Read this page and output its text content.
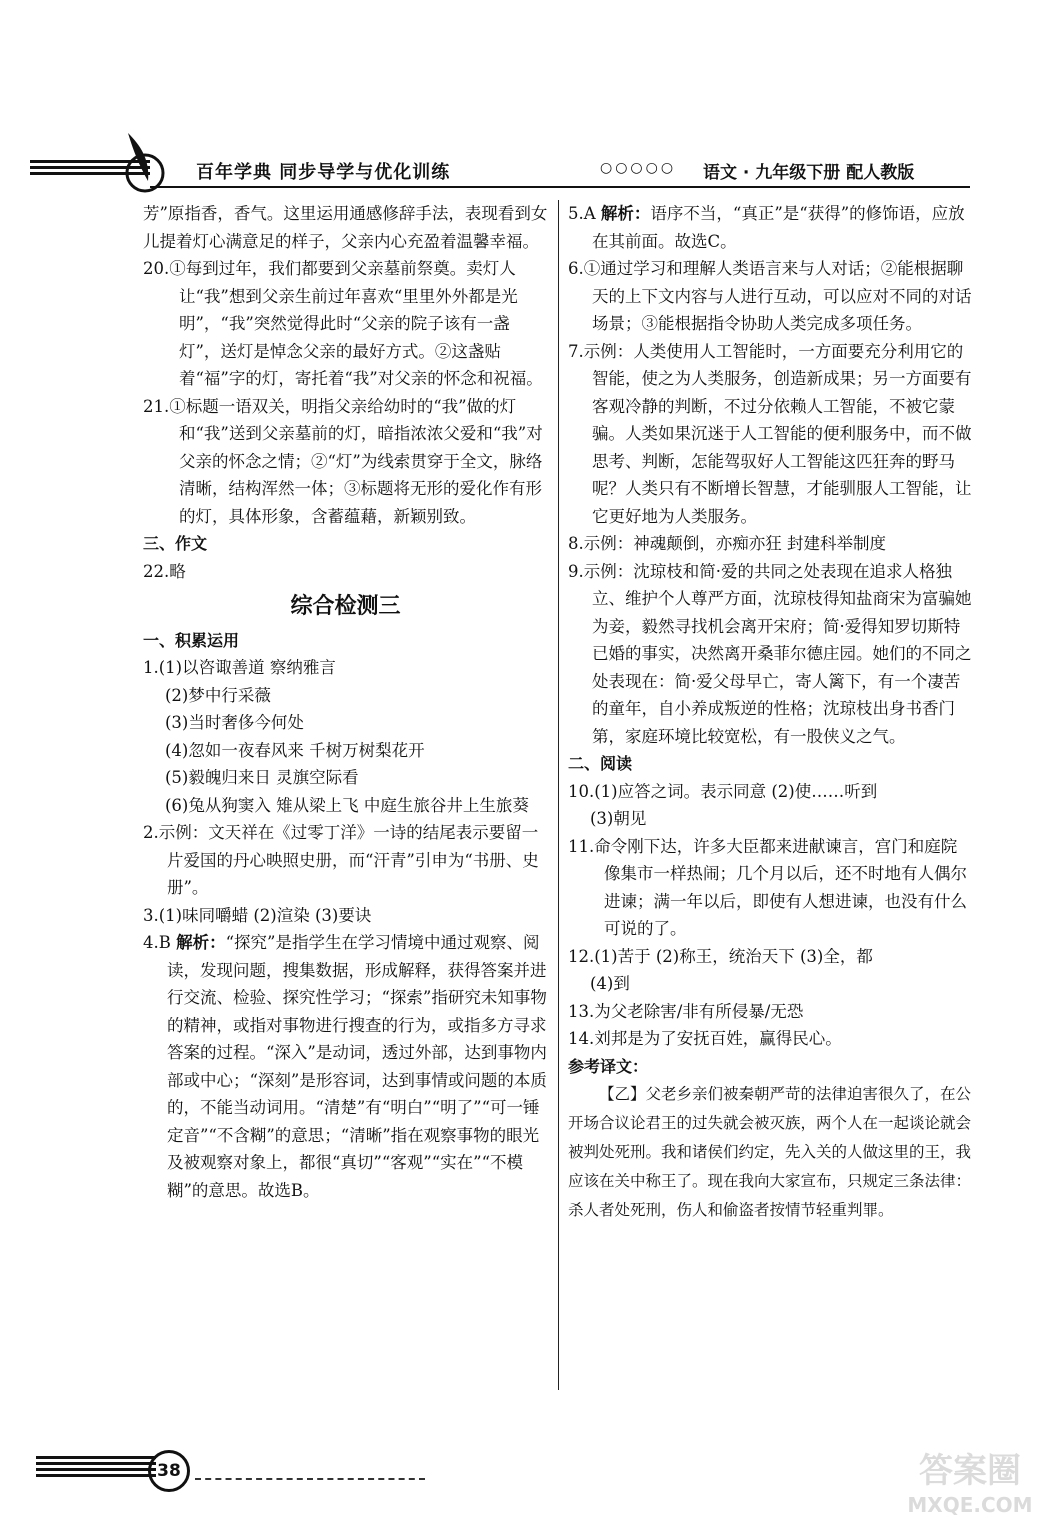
百年学典 同步导学与优化训练	○○○○○ 语文 · 九年级下册 配人教版

芳”原指香，香气。这里运用通感修辞手法，表现看到女儿提着灯心满意足的样子，父亲内心充盈着温馨幸福。

20.①每到过年，我们都要到父亲墓前祭奠。卖灯人让“我”想到父亲生前过年喜欢“里里外外都是光明”，“我”突然觉得此时“父亲的院子该有一盏灯”，送灯是悼念父亲的最好方式。②这盏贴着“福”字的灯，寄托着“我”对父亲的怀念和祝福。

21.①标题一语双关，明指父亲给幼时的“我”做的灯和“我”送到父亲墓前的灯，暗指浓浓父爱和“我”对父亲的怀念之情；②“灯”为线索贯穿于全文，脉络清晰，结构浑然一体；③标题将无形的爱化作有形的灯，具体形象，含蓄蕴藉，新颖别致。

三、作文

22.略

综合检测三

一、积累运用

1.(1)以咨诹善道 察纳雅言

(2)梦中行采薇

(3)当时奢侈今何处

(4)忽如一夜春风来 千树万树梨花开

(5)毅魄归来日 灵旗空际看

(6)兔从狗窦入 雉从梁上飞 中庭生旅谷井上生旅葵

2.示例：文天祥在《过零丁洋》一诗的结尾表示要留一片爱国的丹心映照史册，而“汗青”引申为“书册、史册”。

3.(1)味同嚼蜡 (2)渲染 (3)要诀

4.B 解析：“探究”是指学生在学习情境中通过观察、阅读，发现问题，搜集数据，形成解释，获得答案并进行交流、检验、探究性学习；“探索”指研究未知事物的精神，或指对事物进行搜查的行为，或指多方寻求答案的过程。“深入”是动词，透过外部，达到事物内部或中心；“深刻”是形容词，达到事情或问题的本质的，不能当动词用。“清楚”有“明白”“明了”“可一锤定音”“不含糊”的意思；“清晰”指在观察事物的眼光及被观察对象上，都很“真切”“客观”“实在”“不模糊”的意思。故选B。

5.A 解析：语序不当，“真正”是“获得”的修饰语，应放在其前面。故选C。

6.①通过学习和理解人类语言来与人对话；②能根据聊天的上下文内容与人进行互动，可以应对不同的对话场景；③能根据指令协助人类完成多项任务。

7.示例：人类使用人工智能时，一方面要充分利用它的智能，使之为人类服务，创造新成果；另一方面要有客观冷静的判断，不过分依赖人工智能，不被它蒙骗。人类如果沉迷于人工智能的便利服务中，而不做思考、判断，怎能驾驭好人工智能这匹狂奔的野马呢？人类只有不断增长智慧，才能驯服人工智能，让它更好地为人类服务。

8.示例：神魂颠倒，亦痴亦狂 封建科举制度

9.示例：沈琼枝和简·爱的共同之处表现在追求人格独立、维护个人尊严方面，沈琼枝得知盐商宋为富骗她为妾，毅然寻找机会离开宋府；简·爱得知罗切斯特已婚的事实，决然离开桑菲尔德庄园。她们的不同之处表现在：简·爱父母早亡，寄人篱下，有一个凄苦的童年，自小养成叛逆的性格；沈琼枝出身书香门第，家庭环境比较宽松，有一股侠义之气。

二、阅读

10.(1)应答之词。表示同意 (2)使……听到

(3)朝见

11.命令刚下达，许多大臣都来进献谏言，宫门和庭院像集市一样热闹；几个月以后，还不时地有人偶尔进谏；满一年以后，即使有人想进谏，也没有什么可说的了。

12.(1)苦于 (2)称王，统治天下 (3)全，都

(4)到

13.为父老除害/非有所侵暴/无恐

14.刘邦是为了安抚百姓，赢得民心。

参考译文：

【乙】父老乡亲们被秦朝严苛的法律迫害很久了，在公开场合议论君王的过失就会被灭族，两个人在一起谈论就会被判处死刑。我和诸侯们约定，先入关的人做这里的王，我应该在关中称王了。现在我向大家宣布，只规定三条法律：杀人者处死刑，伤人和偷盗者按情节轻重判罪。

38	答案圈
MXQE.COM
